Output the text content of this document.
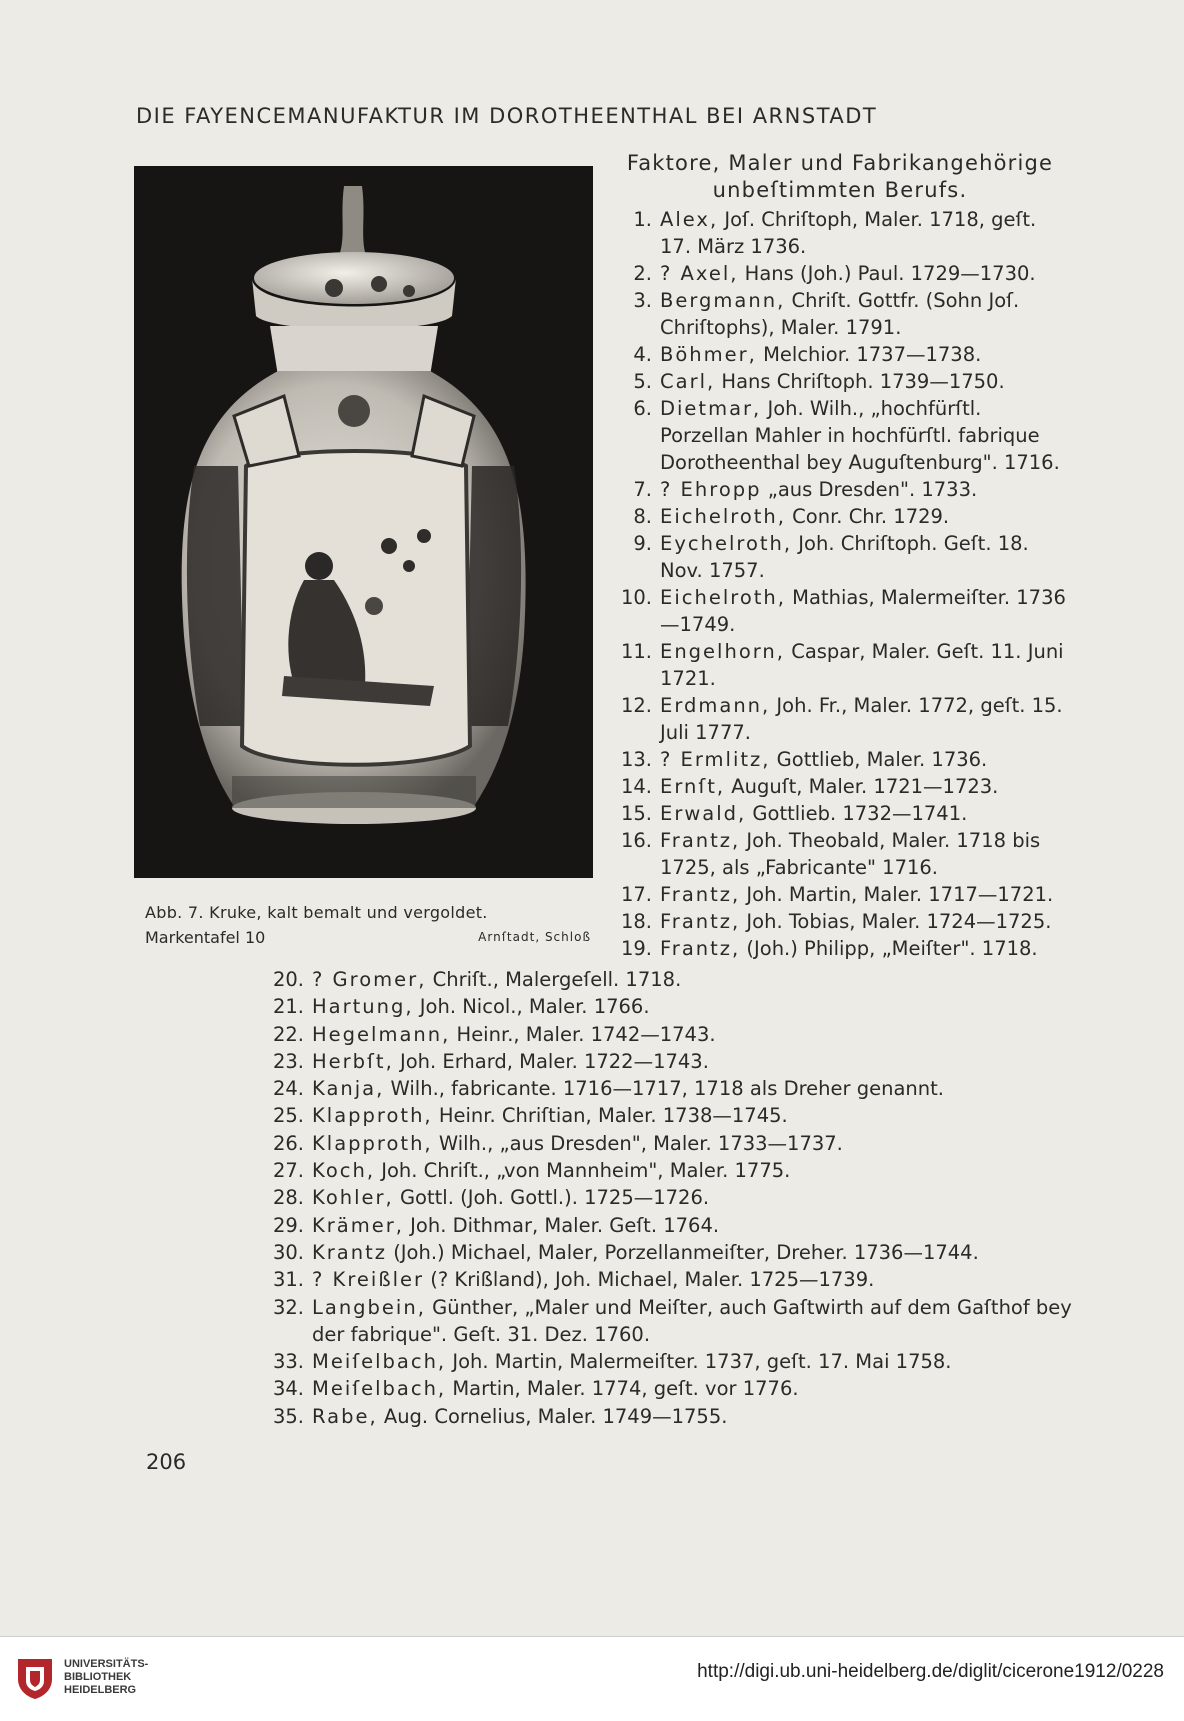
DIE FAYENCEMANUFAKTUR IM DOROTHEENTHAL BEI ARNSTADT
Abb. 7. Kruke, kalt bemalt und vergoldet.
Markentafel 10	Arnſtadt, Schloß
Faktore, Maler und Fabrikangehörige
unbeſtimmten Berufs.
1. Alex, Joſ. Chriſtoph, Maler. 1718, geſt. 17. März 1736.
2. ? Axel, Hans (Joh.) Paul. 1729—1730.
3. Bergmann, Chriſt. Gottfr. (Sohn Joſ. Chriſtophs), Maler. 1791.
4. Böhmer, Melchior. 1737—1738.
5. Carl, Hans Chriſtoph. 1739—1750.
6. Dietmar, Joh. Wilh., „hochfürſtl. Porzellan Mahler in hochfürſtl. fabrique Dorotheenthal bey Auguſtenburg". 1716.
7. ? Ehropp „aus Dresden". 1733.
8. Eichelroth, Conr. Chr. 1729.
9. Eychelroth, Joh. Chriſtoph. Geſt. 18. Nov. 1757.
10. Eichelroth, Mathias, Malermeiſter. 1736—1749.
11. Engelhorn, Caspar, Maler. Geſt. 11. Juni 1721.
12. Erdmann, Joh. Fr., Maler. 1772, geſt. 15. Juli 1777.
13. ? Ermlitz, Gottlieb, Maler. 1736.
14. Ernſt, Auguſt, Maler. 1721—1723.
15. Erwald, Gottlieb. 1732—1741.
16. Frantz, Joh. Theobald, Maler. 1718 bis 1725, als „Fabricante" 1716.
17. Frantz, Joh. Martin, Maler. 1717—1721.
18. Frantz, Joh. Tobias, Maler. 1724—1725.
19. Frantz, (Joh.) Philipp, „Meiſter". 1718.
20. ? Gromer, Chriſt., Malergeſell. 1718.
21. Hartung, Joh. Nicol., Maler. 1766.
22. Hegelmann, Heinr., Maler. 1742—1743.
23. Herbſt, Joh. Erhard, Maler. 1722—1743.
24. Kanja, Wilh., fabricante. 1716—1717, 1718 als Dreher genannt.
25. Klapproth, Heinr. Chriſtian, Maler. 1738—1745.
26. Klapproth, Wilh., „aus Dresden", Maler. 1733—1737.
27. Koch, Joh. Chriſt., „von Mannheim", Maler. 1775.
28. Kohler, Gottl. (Joh. Gottl.). 1725—1726.
29. Krämer, Joh. Dithmar, Maler. Geſt. 1764.
30. Krantz (Joh.) Michael, Maler, Porzellanmeiſter, Dreher. 1736—1744.
31. ? Kreißler (? Krißland), Joh. Michael, Maler. 1725—1739.
32. Langbein, Günther, „Maler und Meiſter, auch Gaſtwirth auf dem Gaſthof bey der fabrique". Geſt. 31. Dez. 1760.
33. Meiſelbach, Joh. Martin, Malermeiſter. 1737, geſt. 17. Mai 1758.
34. Meiſelbach, Martin, Maler. 1774, geſt. vor 1776.
35. Rabe, Aug. Cornelius, Maler. 1749—1755.
206
UNIVERSITÄTS-
BIBLIOTHEK
HEIDELBERG
http://digi.ub.uni-heidelberg.de/diglit/cicerone1912/0228
